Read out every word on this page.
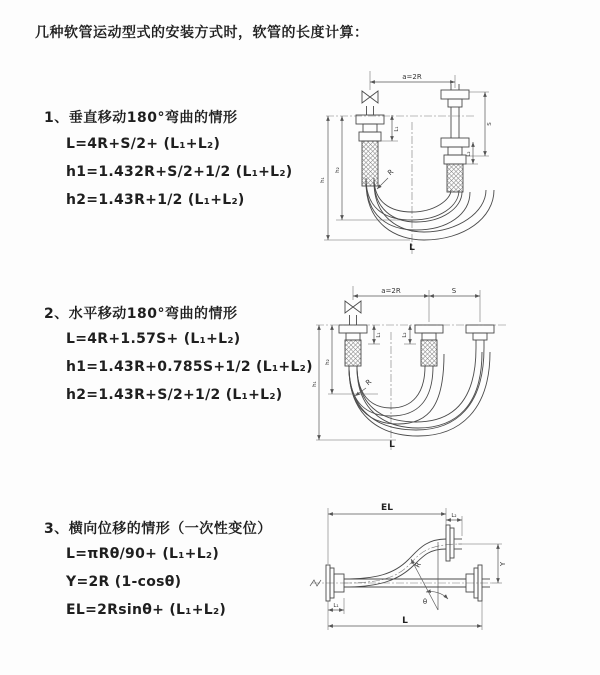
几种软管运动型式的安装方式时，软管的长度计算：
1、垂直移动180°弯曲的情形
L=4R+S/2+ (L₁+L₂)
h1=1.432R+S/2+1/2 (L₁+L₂)
h2=1.43R+1/2 (L₁+L₂)
2、水平移动180°弯曲的情形
L=4R+1.57S+ (L₁+L₂)
h1=1.43R+0.785S+1/2 (L₁+L₂)
h2=1.43R+S/2+1/2 (L₁+L₂)
3、横向位移的情形（一次性变位）
L=πRθ/90+ (L₁+L₂)
Y=2R (1-cosθ)
EL=2Rsinθ+ (L₁+L₂)
a=2R
h₁
h₂
L₁
S
L₂
R
L
a=2R	S
h₁
h₂
L₁	L₂
R
L
EL
L₂
θ
R	Y
L₁
L
